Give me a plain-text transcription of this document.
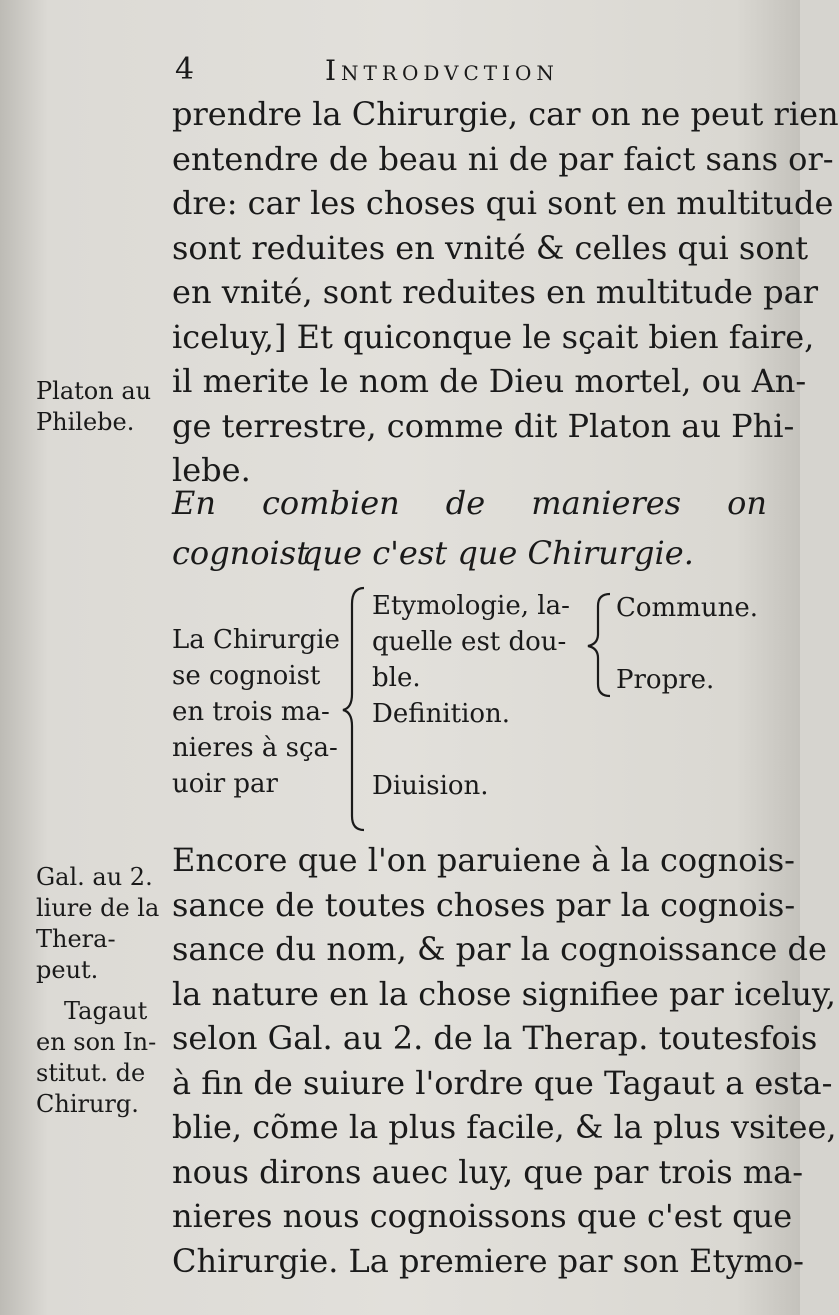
4	Introdvction
prendre la Chirurgie, car on ne peut rien
entendre de beau ni de par faict sans or-
dre: car les choses qui sont en multitude
sont reduites en vnité & celles qui sont
en vnité, sont reduites en multitude par
iceluy,] Et quiconque le sçait bien faire,
il merite le nom de Dieu mortel, ou An-
ge terrestre, comme dit Platon au Phi-
lebe.
Platon au
Philebe.
En combien de manieres on cognoist
que c'est que Chirurgie.
La Chirurgie
se cognoist
en trois ma-
nieres à sça-
uoir par
Etymologie, la-
quelle est dou-
ble.
Definition.
Diuision.
Commune.
Propre.
Encore que l'on paruiene à la cognois-
sance de toutes choses par la cognois-
sance du nom, & par la cognoissance de
la nature en la chose signifiee par iceluy,
selon Gal. au 2. de la Therap. toutesfois
à fin de suiure l'ordre que Tagaut a esta-
blie, cõme la plus facile, & la plus vsitee,
nous dirons auec luy, que par trois ma-
nieres nous cognoissons que c'est que
Chirurgie. La premiere par son Etymo-
Gal. au 2.
liure de la
Thera-
peut.
Tagaut
en son In-
stitut. de
Chirurg.
